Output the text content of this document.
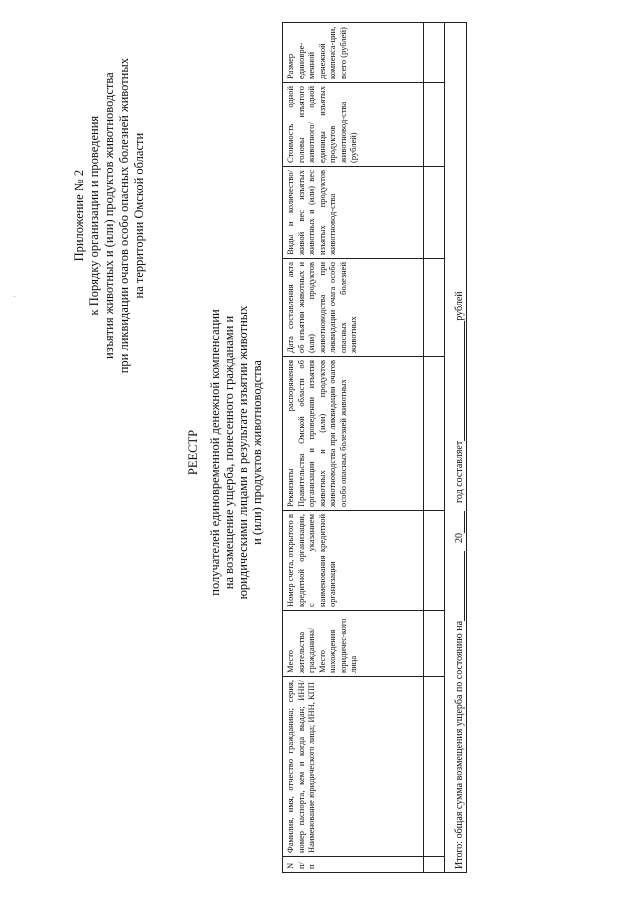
'
Приложение № 2 к Порядку организации и проведения изъятия животных и (или) продуктов животноводства при ликвидации очагов особо опасных болезней животных на территории Омской области
РЕЕСТР получателей единовременной денежной компенсации на возмещение ущерба, понесенного гражданами и юридическими лицами в результате изъятии животных и (или) продуктов животноводства
N п/п	Фамилия, имя, отчество гражданина; серия, номер паспорта, кем и когда выдан; ИНН/Наименование юридического лица; ИНН, КПП	Место жительства гражданина/ Место нахождения юридичес-кого лица	Номер счета, открытого в кредитной организации, с указанием наименования кредитной организации	Реквизиты распоряжения Правительства Омской области об организации и проведении изъятия животных и (или) продуктов животноводства при ликвидации очагов особо опасных болезней животных	Дата составления акта об изъятии животных и (или) продуктов животноводства при ликвидации очага особо опасных болезней животных	Виды и количество/ живой вес изъятых животных и (или) вес изъятых продуктов животновод-ства	Стоимость одной головы изъятого животного/ одной единицы изъятых продуктов животновод-ства (рублей)	Размер единовре-менной денежной компенса-ции, всего (рублей)

Итого: общая сумма возмещения ущерба по состоянию на
20
год составляет
рублей								
